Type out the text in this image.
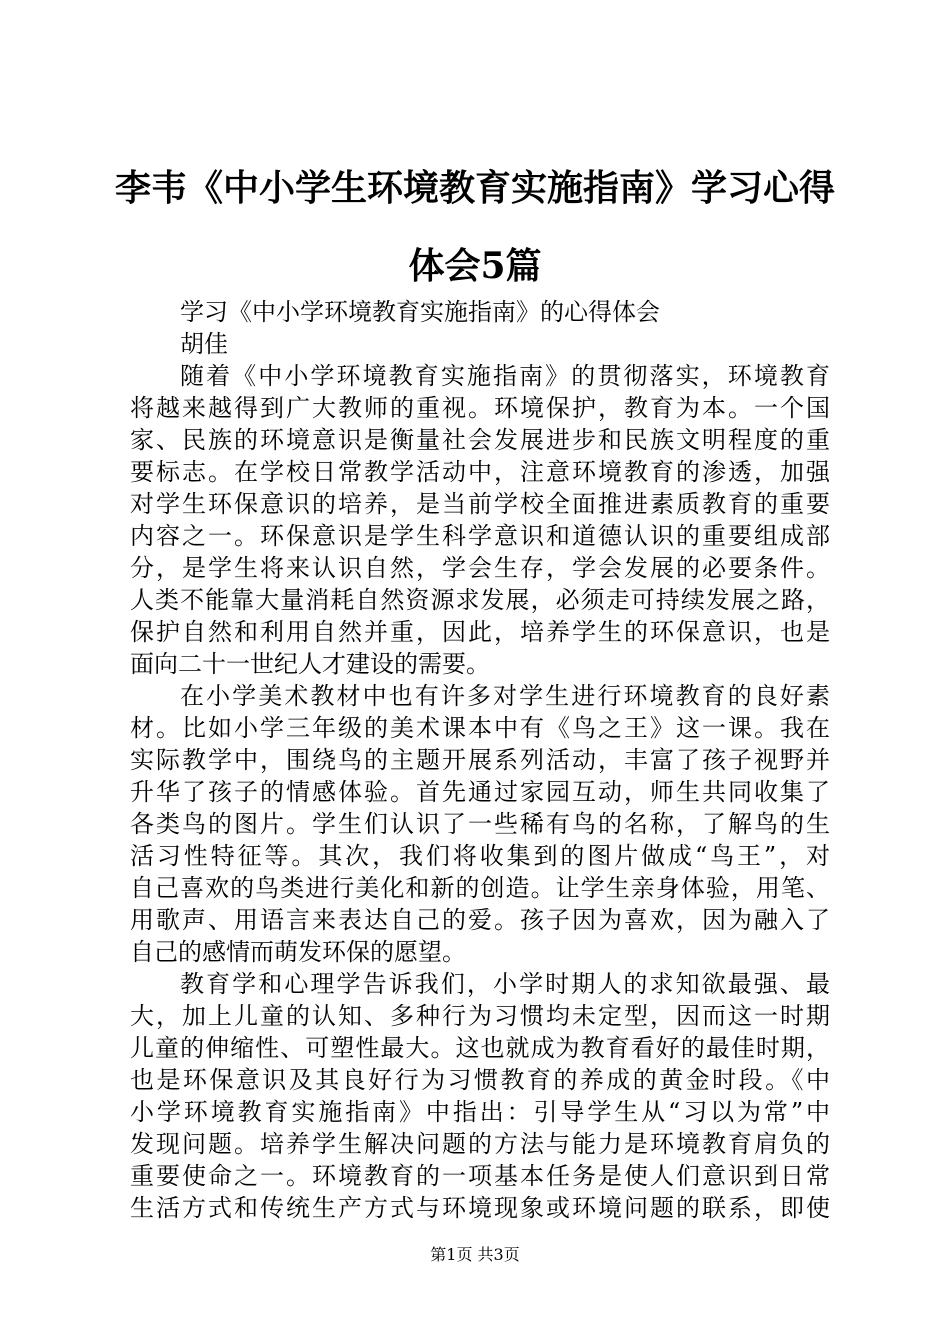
李韦《中小学生环境教育实施指南》学习心得
体会5篇
学习《中小学环境教育实施指南》的心得体会
胡佳
随着《中小学环境教育实施指南》的贯彻落实，环境教育
将越来越得到广大教师的重视。环境保护，教育为本。一个国
家、民族的环境意识是衡量社会发展进步和民族文明程度的重
要标志。在学校日常教学活动中，注意环境教育的渗透，加强
对学生环保意识的培养，是当前学校全面推进素质教育的重要
内容之一。环保意识是学生科学意识和道德认识的重要组成部
分，是学生将来认识自然，学会生存，学会发展的必要条件。
人类不能靠大量消耗自然资源求发展，必须走可持续发展之路，
保护自然和利用自然并重，因此，培养学生的环保意识，也是
面向二十一世纪人才建设的需要。
在小学美术教材中也有许多对学生进行环境教育的良好素
材。比如小学三年级的美术课本中有《鸟之王》这一课。我在
实际教学中，围绕鸟的主题开展系列活动，丰富了孩子视野并
升华了孩子的情感体验。首先通过家园互动，师生共同收集了
各类鸟的图片。学生们认识了一些稀有鸟的名称，了解鸟的生
活习性特征等。其次，我们将收集到的图片做成“鸟王”，对
自己喜欢的鸟类进行美化和新的创造。让学生亲身体验，用笔、
用歌声、用语言来表达自己的爱。孩子因为喜欢，因为融入了
自己的感情而萌发环保的愿望。
教育学和心理学告诉我们，小学时期人的求知欲最强、最
大，加上儿童的认知、多种行为习惯均未定型，因而这一时期
儿童的伸缩性、可塑性最大。这也就成为教育看好的最佳时期，
也是环保意识及其良好行为习惯教育的养成的黄金时段。《中
小学环境教育实施指南》中指出：引导学生从“习以为常”中
发现问题。培养学生解决问题的方法与能力是环境教育肩负的
重要使命之一。环境教育的一项基本任务是使人们意识到日常
生活方式和传统生产方式与环境现象或环境问题的联系，即使
第1页 共3页
